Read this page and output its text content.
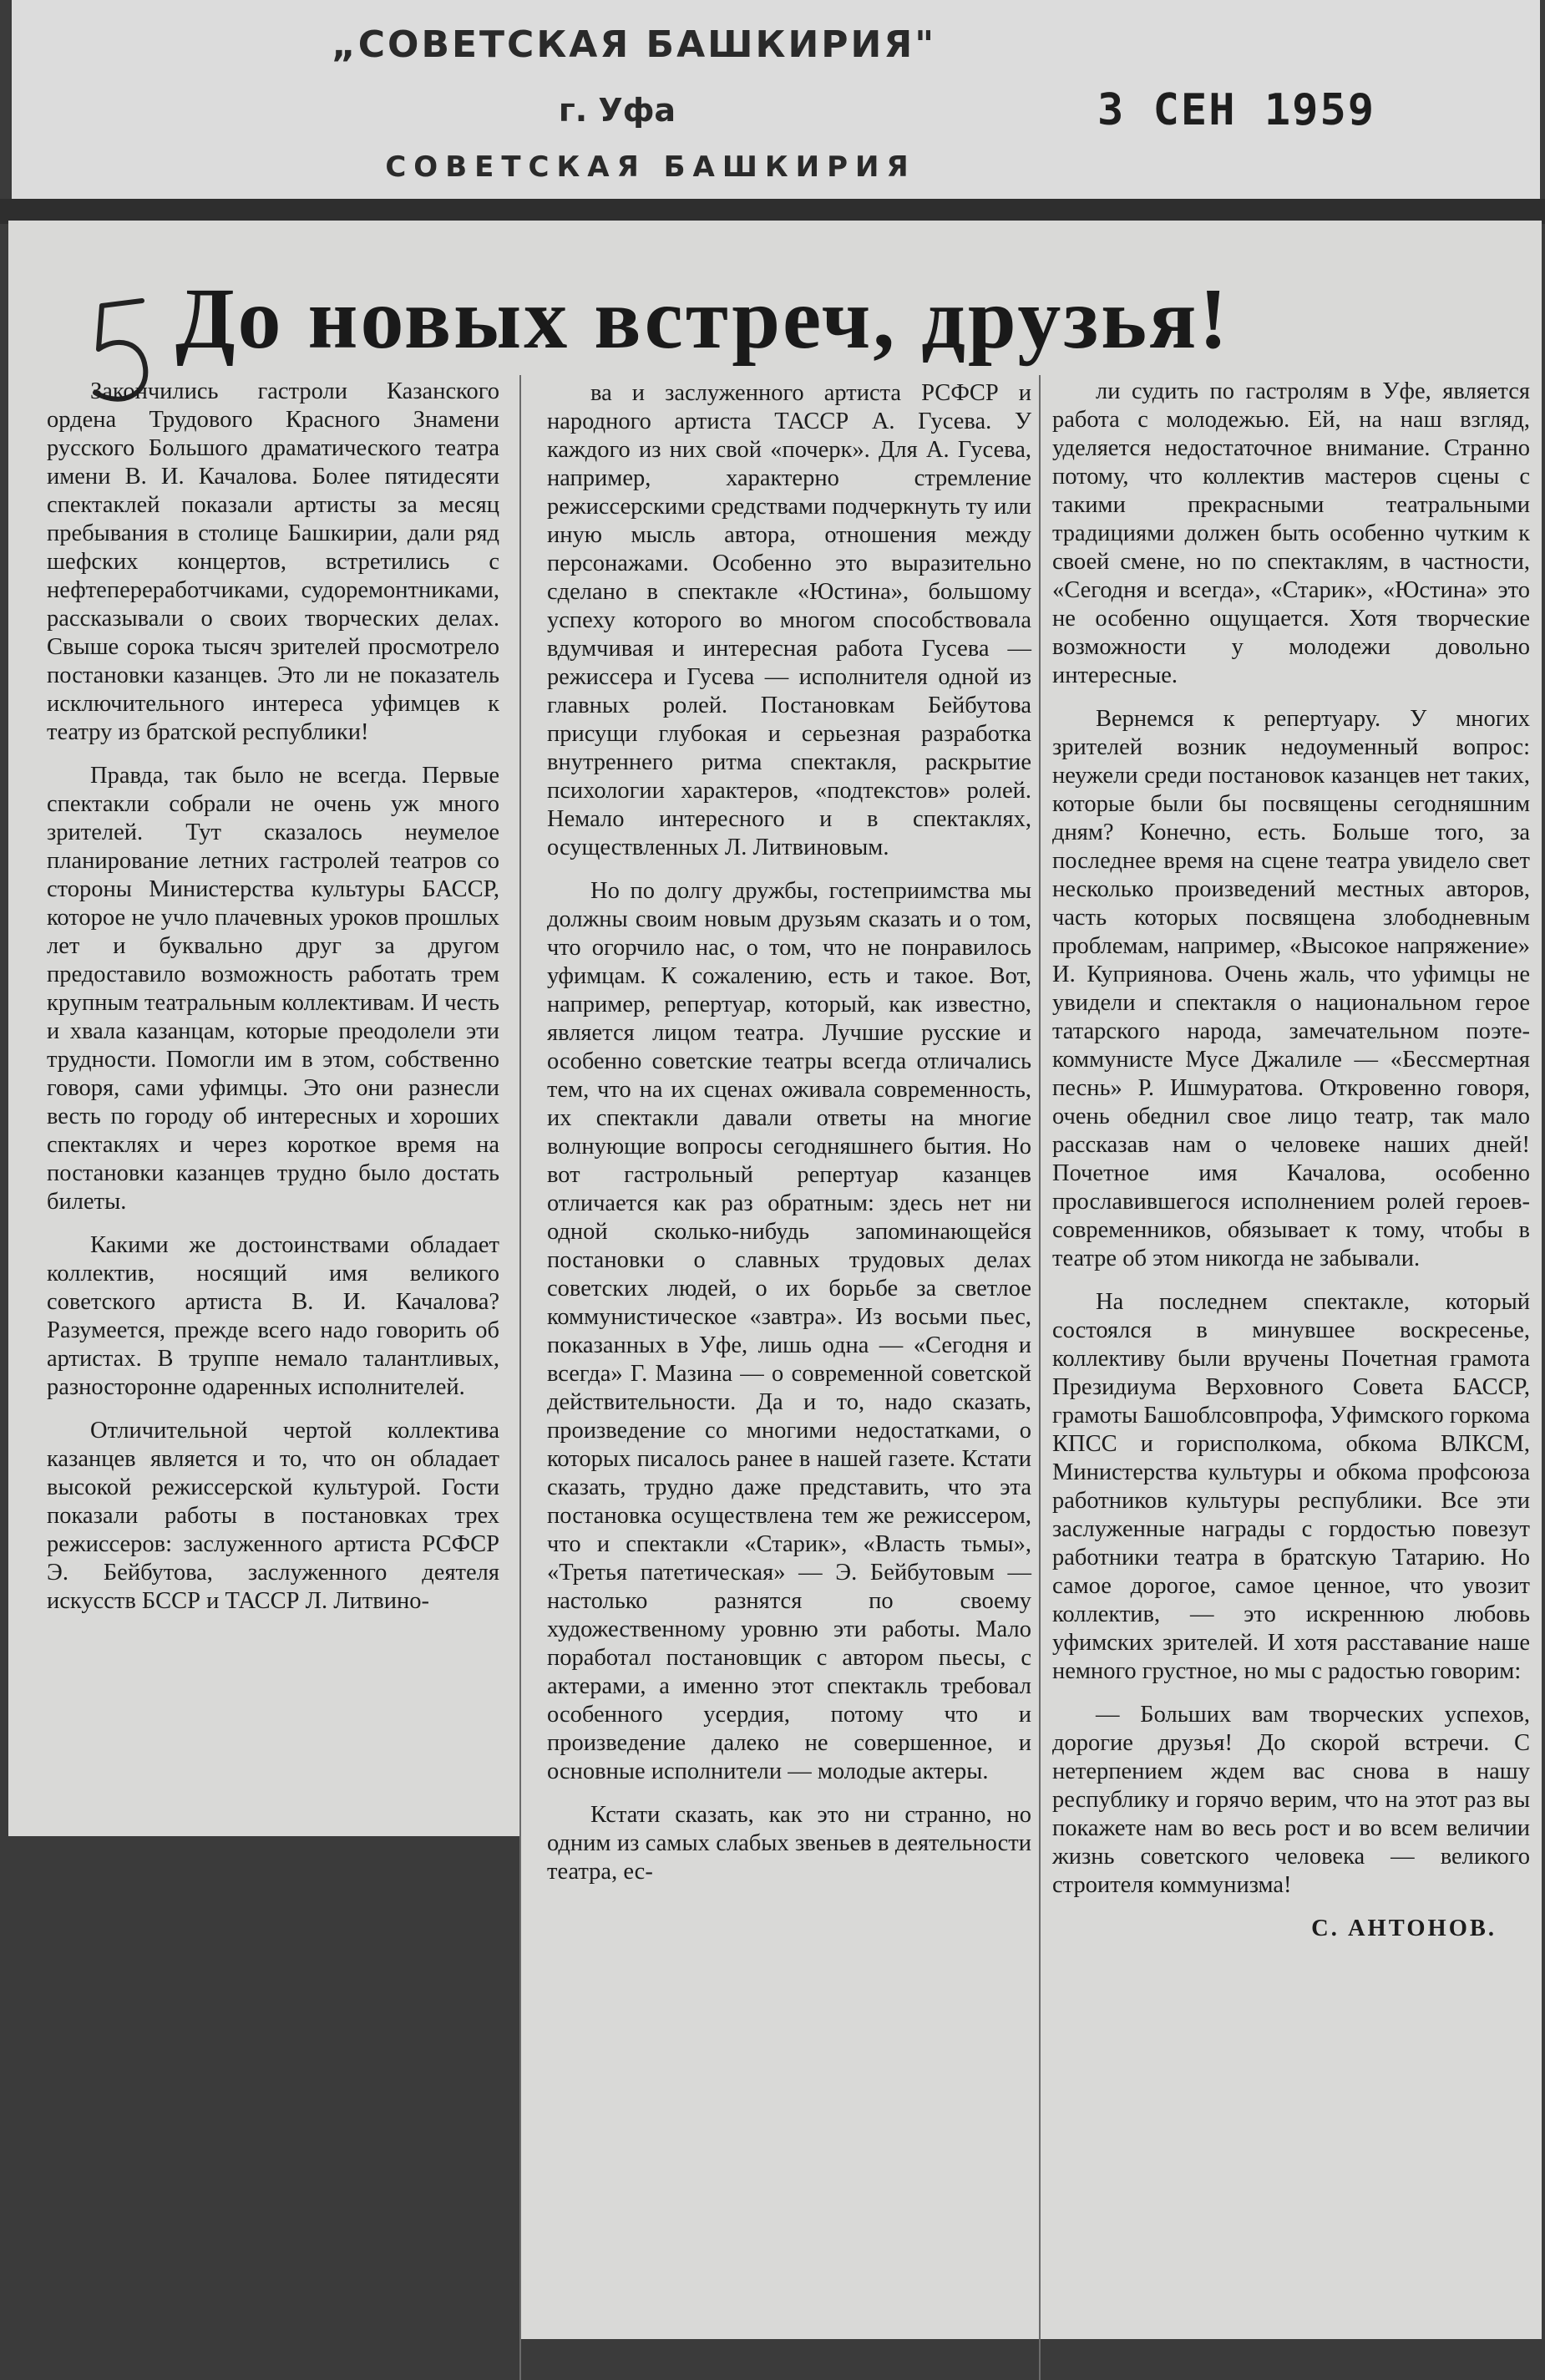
„СОВЕТСКАЯ БАШКИРИЯ"
г. Уфа	3 СЕН 1959
СОВЕТСКАЯ БАШКИРИЯ
До новых встреч, друзья!

Закончились гастроли Казанского ордена Трудового Красного Знамени русского Большого драматического театра имени В. И. Качалова. Более пятидесяти спектаклей показали артисты за месяц пребывания в столице Башкирии, дали ряд шефских концертов, встретились с нефтепереработчиками, судоремонтниками, рассказывали о своих творческих делах. Свыше сорока тысяч зрителей просмотрело постановки казанцев. Это ли не показатель исключительного интереса уфимцев к театру из братской республики!

Правда, так было не всегда. Первые спектакли собрали не очень уж много зрителей. Тут сказалось неумелое планирование летних гастролей театров со стороны Министерства культуры БАССР, которое не учло плачевных уроков прошлых лет и буквально друг за другом предоставило возможность работать трем крупным театральным коллективам. И честь и хвала казанцам, которые преодолели эти трудности. Помогли им в этом, собственно говоря, сами уфимцы. Это они разнесли весть по городу об интересных и хороших спектаклях и через короткое время на постановки казанцев трудно было достать билеты.

Какими же достоинствами обладает коллектив, носящий имя великого советского артиста В. И. Качалова? Разумеется, прежде всего надо говорить об артистах. В труппе немало талантливых, разносторонне одаренных исполнителей.

Отличительной чертой коллектива казанцев является и то, что он обладает высокой режиссерской культурой. Гости показали работы в постановках трех режиссеров: заслуженного артиста РСФСР Э. Бейбутова, заслуженного деятеля искусств БССР и ТАССР Л. Литвино-

ва и заслуженного артиста РСФСР и народного артиста ТАССР А. Гусева. У каждого из них свой «почерк». Для А. Гусева, например, характерно стремление режиссерскими средствами подчеркнуть ту или иную мысль автора, отношения между персонажами. Особенно это выразительно сделано в спектакле «Юстина», большому успеху которого во многом способствовала вдумчивая и интересная работа Гусева — режиссера и Гусева — исполнителя одной из главных ролей. Постановкам Бейбутова присущи глубокая и серьезная разработка внутреннего ритма спектакля, раскрытие психологии характеров, «подтекстов» ролей. Немало интересного и в спектаклях, осуществленных Л. Литвиновым.

Но по долгу дружбы, гостеприимства мы должны своим новым друзьям сказать и о том, что огорчило нас, о том, что не понравилось уфимцам. К сожалению, есть и такое. Вот, например, репертуар, который, как известно, является лицом театра. Лучшие русские и особенно советские театры всегда отличались тем, что на их сценах оживала современность, их спектакли давали ответы на многие волнующие вопросы сегодняшнего бытия. Но вот гастрольный репертуар казанцев отличается как раз обратным: здесь нет ни одной сколько-нибудь запоминающейся постановки о славных трудовых делах советских людей, о их борьбе за светлое коммунистическое «завтра». Из восьми пьес, показанных в Уфе, лишь одна — «Сегодня и всегда» Г. Мазина — о современной советской действительности. Да и то, надо сказать, произведение со многими недостатками, о которых писалось ранее в нашей газете. Кстати сказать, трудно даже представить, что эта постановка осуществлена тем же режиссером, что и спектакли «Старик», «Власть тьмы», «Третья патетическая» — Э. Бейбутовым — настолько разнятся по своему художественному уровню эти работы. Мало поработал постановщик с автором пьесы, с актерами, а именно этот спектакль требовал особенного усердия, потому что и произведение далеко не совершенное, и основные исполнители — молодые актеры.

Кстати сказать, как это ни странно, но одним из самых слабых звеньев в деятельности театра, ес-

ли судить по гастролям в Уфе, является работа с молодежью. Ей, на наш взгляд, уделяется недостаточное внимание. Странно потому, что коллектив мастеров сцены с такими прекрасными театральными традициями должен быть особенно чутким к своей смене, но по спектаклям, в частности, «Сегодня и всегда», «Старик», «Юстина» это не особенно ощущается. Хотя творческие возможности у молодежи довольно интересные.

Вернемся к репертуару. У многих зрителей возник недоуменный вопрос: неужели среди постановок казанцев нет таких, которые были бы посвящены сегодняшним дням? Конечно, есть. Больше того, за последнее время на сцене театра увидело свет несколько произведений местных авторов, часть которых посвящена злободневным проблемам, например, «Высокое напряжение» И. Куприянова. Очень жаль, что уфимцы не увидели и спектакля о национальном герое татарского народа, замечательном поэте-коммунисте Мусе Джалиле — «Бессмертная песнь» Р. Ишмуратова. Откровенно говоря, очень обеднил свое лицо театр, так мало рассказав нам о человеке наших дней! Почетное имя Качалова, особенно прославившегося исполнением ролей героев-современников, обязывает к тому, чтобы в театре об этом никогда не забывали.

На последнем спектакле, который состоялся в минувшее воскресенье, коллективу были вручены Почетная грамота Президиума Верховного Совета БАССР, грамоты Башоблсовпрофа, Уфимского горкома КПСС и горисполкома, обкома ВЛКСМ, Министерства культуры и обкома профсоюза работников культуры республики. Все эти заслуженные награды с гордостью повезут работники театра в братскую Татарию. Но самое дорогое, самое ценное, что увозит коллектив, — это искреннюю любовь уфимских зрителей. И хотя расставание наше немного грустное, но мы с радостью говорим:

— Больших вам творческих успехов, дорогие друзья! До скорой встречи. С нетерпением ждем вас снова в нашу республику и горячо верим, что на этот раз вы покажете нам во весь рост и во всем величии жизнь советского человека — великого строителя коммунизма!

С. АНТОНОВ.
